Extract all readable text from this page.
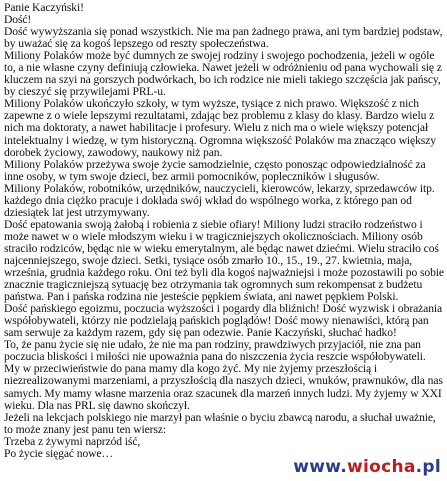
Panie Kaczyński!

Dość!

Dość wywyższania się ponad wszystkich. Nie ma pan żadnego prawa, ani tym bardziej podstaw, by uważać się za kogoś lepszego od reszty społeczeństwa.

Miliony Polaków może być dumnych ze swojej rodziny i swojego pochodzenia, jeżeli w ogóle to, a nie własne czyny definiują człowieka. Nawet jeżeli w odróżnieniu od pana wychowali się z kluczem na szyi na gorszych podwórkach, bo ich rodzice nie mieli takiego szczęścia jak pańscy, by cieszyć się przywilejami PRL-u.

Miliony Polaków ukończyło szkoły, w tym wyższe, tysiące z nich prawo. Większość z nich zapewne z o wiele lepszymi rezultatami, zdając bez problemu z klasy do klasy. Bardzo wielu z nich ma doktoraty, a nawet habilitacje i profesury. Wielu z nich ma o wiele większy potencjał intelektualny i wiedzę, w tym historyczną. Ogromna większość Polaków ma znacząco większy dorobek życiowy, zawodowy, naukowy niż pan.

Miliony Polaków przeżywa swoje życie samodzielnie, często ponosząc odpowiedzialność za inne osoby, w tym swoje dzieci, bez armii pomocników, popleczników i sługusów.

Miliony Polaków, robotników, urzędników, nauczycieli, kierowców, lekarzy, sprzedawców itp. każdego dnia ciężko pracuje i dokłada swój wkład do wspólnego worka, z którego pan od dziesiątek lat jest utrzymywany.

Dość epatowania swoją żałobą i robienia z siebie ofiary! Miliony ludzi straciło rodzeństwo i może nawet w o wiele młodszym wieku i w tragiczniejszych okolicznościach. Miliony osób straciło rodziców, będąc nie w wieku emerytalnym, ale będąc nawet dziećmi. Wielu straciło coś najcenniejszego, swoje dzieci. Setki, tysiące osób zmarło 10., 15., 19., 27. kwietnia, maja, września, grudnia każdego roku. Oni też byli dla kogoś najważniejsi i może pozostawili po sobie znacznie tragiczniejszą sytuację bez otrzymania tak ogromnych sum rekompensat z budżetu państwa. Pan i pańska rodzina nie jesteście pępkiem świata, ani nawet pępkiem Polski.

Dość pańskiego egoizmu, poczucia wyższości i pogardy dla bliźnich! Dość wyzwisk i obrażania współobywateli, którzy nie podzielają pańskich poglądów! Dość mowy nienawiści, którą pan sam serwuje za każdym razem, gdy się pan odezwie. Panie Kaczyński, słuchać hadko!

To, że panu życie się nie udało, że nie ma pan rodziny, prawdziwych przyjaciół, nie zna pan poczucia bliskości i miłości nie upoważnia pana do niszczenia życia reszcie współobywateli. My w przeciwieństwie do pana mamy dla kogo żyć. My nie żyjemy przeszłością i niezrealizowanymi marzeniami, a przyszłością dla naszych dzieci, wnuków, prawnuków, dla nas samych. My mamy własne marzenia oraz szacunek dla marzeń innych ludzi. My żyjemy w XXI wieku. Dla nas PRL się dawno skończył.

Jeżeli na lekcjach polskiego nie marzył pan właśnie o byciu zbawcą narodu, a słuchał uważnie, to może znany jest panu ten wiersz:

Trzeba z żywymi naprzód iść,

Po życie sięgać nowe…

www.wiocha.pl
